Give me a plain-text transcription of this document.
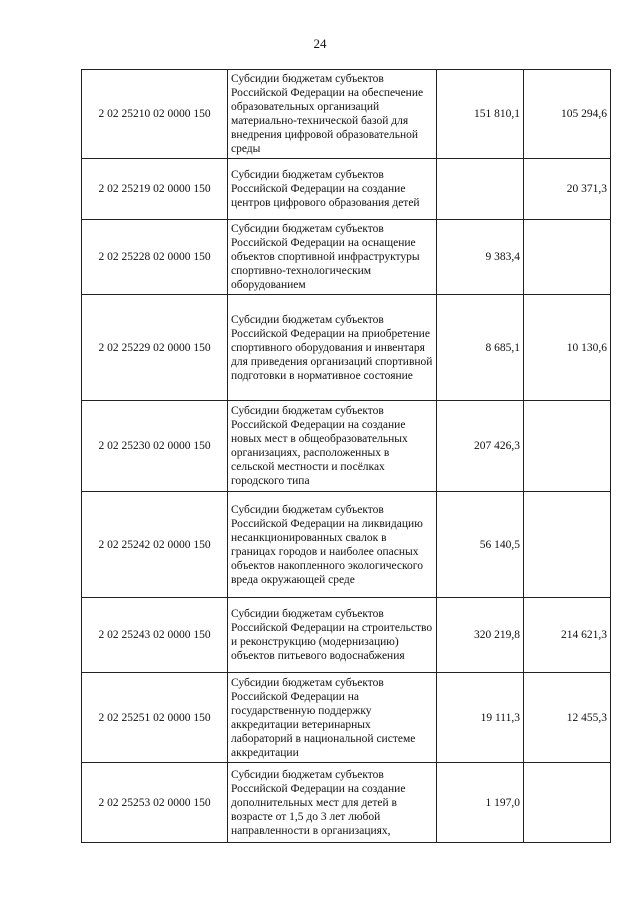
24
2 02 25210 02 0000 150	Субсидии бюджетам субъектов Российской Федерации на обеспечение образовательных организаций материально-технической базой для внедрения цифровой образовательной среды	151 810,1	105 294,6
2 02 25219 02 0000 150	Субсидии бюджетам субъектов Российской Федерации на создание центров цифрового образования детей		20 371,3
2 02 25228 02 0000 150	Субсидии бюджетам субъектов Российской Федерации на оснащение объектов спортивной инфраструктуры спортивно-технологическим оборудованием	9 383,4	
2 02 25229 02 0000 150	Субсидии бюджетам субъектов Российской Федерации на приобретение спортивного оборудования и инвентаря для приведения организаций спортивной подготовки в нормативное состояние	8 685,1	10 130,6
2 02 25230 02 0000 150	Субсидии бюджетам субъектов Российской Федерации на создание новых мест в общеобразовательных организациях, расположенных в сельской местности и посёлках городского типа	207 426,3	
2 02 25242 02 0000 150	Субсидии бюджетам субъектов Российской Федерации на ликвидацию несанкционированных свалок в границах городов и наиболее опасных объектов накопленного экологического вреда окружающей среде	56 140,5	
2 02 25243 02 0000 150	Субсидии бюджетам субъектов Российской Федерации на строительство и реконструкцию (модернизацию) объектов питьевого водоснабжения	320 219,8	214 621,3
2 02 25251 02 0000 150	Субсидии бюджетам субъектов Российской Федерации на государственную поддержку аккредитации ветеринарных лабораторий в национальной системе аккредитации	19 111,3	12 455,3
2 02 25253 02 0000 150	Субсидии бюджетам субъектов Российской Федерации на создание дополнительных мест для детей в возрасте от 1,5 до 3 лет любой направленности в организациях,	1 197,0	
